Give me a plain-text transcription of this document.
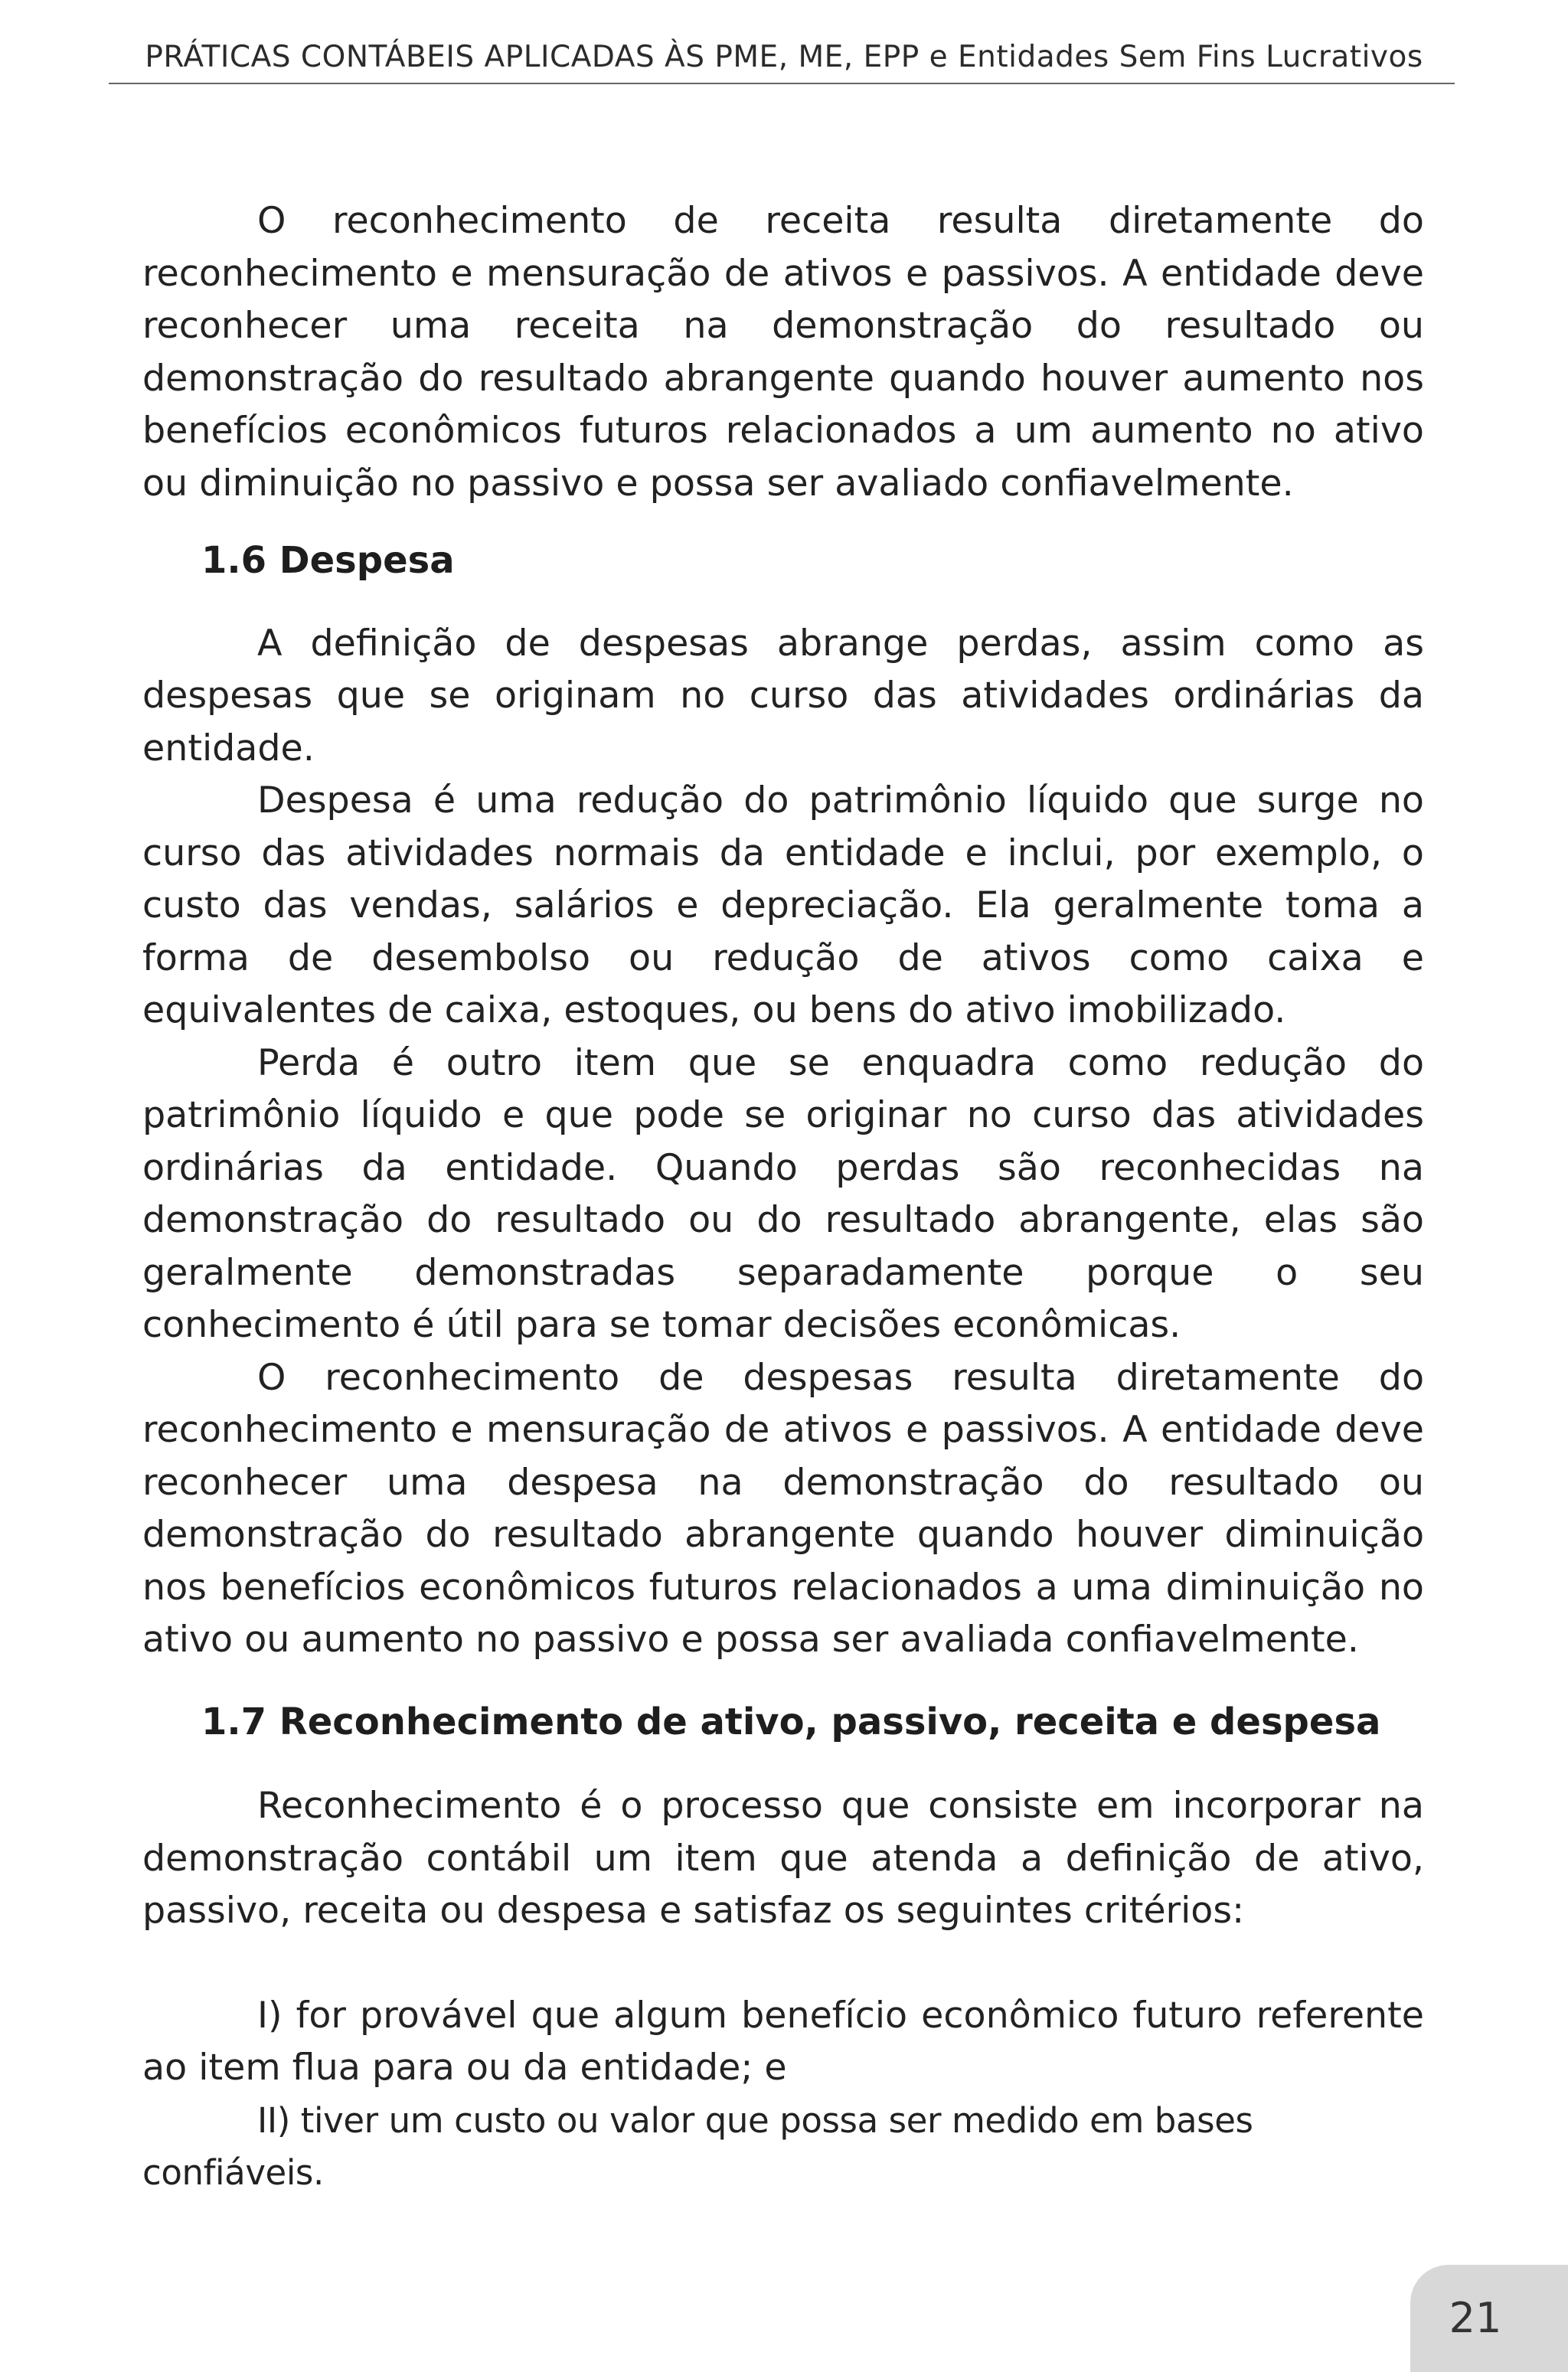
PRÁTICAS CONTÁBEIS APLICADAS ÀS PME, ME, EPP e Entidades Sem Fins Lucrativos

O reconhecimento de receita resulta diretamente do reconhecimento e mensuração de ativos e passivos. A entidade deve reconhecer uma receita na demonstração do resultado ou demonstração do resultado abrangente quando houver aumento nos benefícios econômicos futuros relacionados a um aumento no ativo ou diminuição no passivo e possa ser avaliado confiavelmente.

1.6 Despesa

A definição de despesas abrange perdas, assim como as despesas que se originam no curso das atividades ordinárias da entidade.

Despesa é uma redução do patrimônio líquido que surge no curso das atividades normais da entidade e inclui, por exemplo, o custo das vendas, salários e depreciação. Ela geralmente toma a forma de desembolso ou redução de ativos como caixa e equivalentes de caixa, estoques, ou bens do ativo imobilizado.

Perda é outro item que se enquadra como redução do patrimônio líquido e que pode se originar no curso das atividades ordinárias da entidade. Quando perdas são reconhecidas na demonstração do resultado ou do resultado abrangente, elas são geralmente demonstradas separadamente porque o seu conhecimento é útil para se tomar decisões econômicas.

O reconhecimento de despesas resulta diretamente do reconhecimento e mensuração de ativos e passivos. A entidade deve reconhecer uma despesa na demonstração do resultado ou demonstração do resultado abrangente quando houver diminuição nos benefícios econômicos futuros relacionados a uma diminuição no ativo ou aumento no passivo e possa ser avaliada confiavelmente.

1.7 Reconhecimento de ativo, passivo, receita e despesa

Reconhecimento é o processo que consiste em incorporar na demonstração contábil um item que atenda a definição de ativo, passivo, receita ou despesa e satisfaz os seguintes critérios:

I) for provável que algum benefício econômico futuro referente ao item flua para ou da entidade; e

II) tiver um custo ou valor que possa ser medido em bases confiáveis.

21
